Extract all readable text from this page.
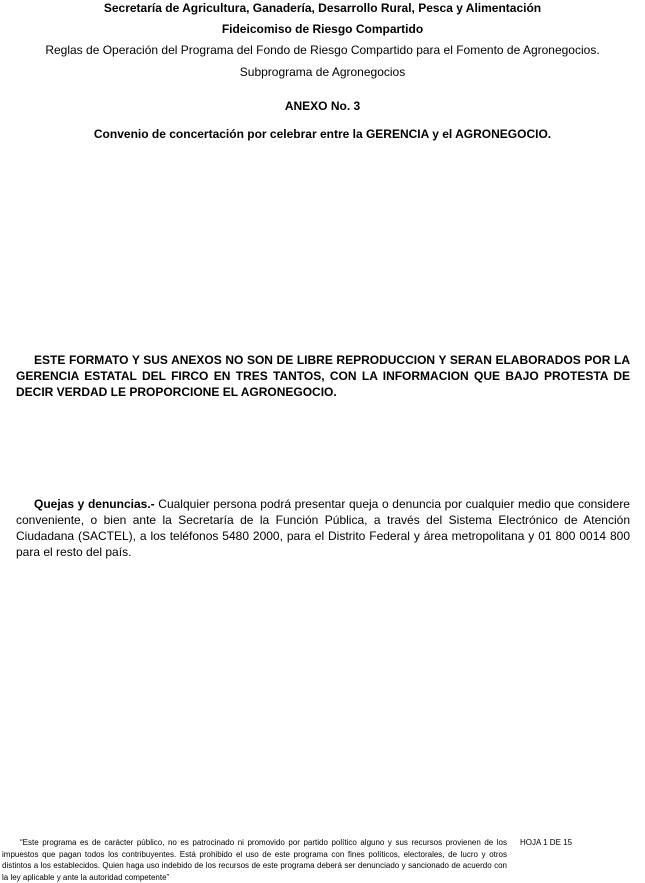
Secretaría de Agricultura, Ganadería, Desarrollo Rural, Pesca y Alimentación
Fideicomiso de Riesgo Compartido
Reglas de Operación del Programa del Fondo de Riesgo Compartido para el Fomento de Agronegocios.
Subprograma de Agronegocios
ANEXO No. 3
Convenio de concertación por celebrar entre la GERENCIA y el AGRONEGOCIO.
ESTE FORMATO Y SUS ANEXOS NO SON DE LIBRE REPRODUCCION Y SERAN ELABORADOS POR LA GERENCIA ESTATAL DEL FIRCO EN TRES TANTOS, CON LA INFORMACION QUE BAJO PROTESTA DE DECIR VERDAD LE PROPORCIONE EL AGRONEGOCIO.
Quejas y denuncias.- Cualquier persona podrá presentar queja o denuncia por cualquier medio que considere conveniente, o bien ante la Secretaría de la Función Pública, a través del Sistema Electrónico de Atención Ciudadana (SACTEL), a los teléfonos 5480 2000, para el Distrito Federal y área metropolitana y 01 800 0014 800 para el resto del país.
“Este programa es de carácter público, no es patrocinado ni promovido por partido político alguno y sus recursos provienen de los impuestos que pagan todos los contribuyentes. Está prohibido el uso de este programa con fines políticos, electorales, de lucro y otros distintos a los establecidos. Quien haga uso indebido de los recursos de este programa deberá ser denunciado y sancionado de acuerdo con la ley aplicable y ante la autoridad competente”
HOJA 1 DE 15
